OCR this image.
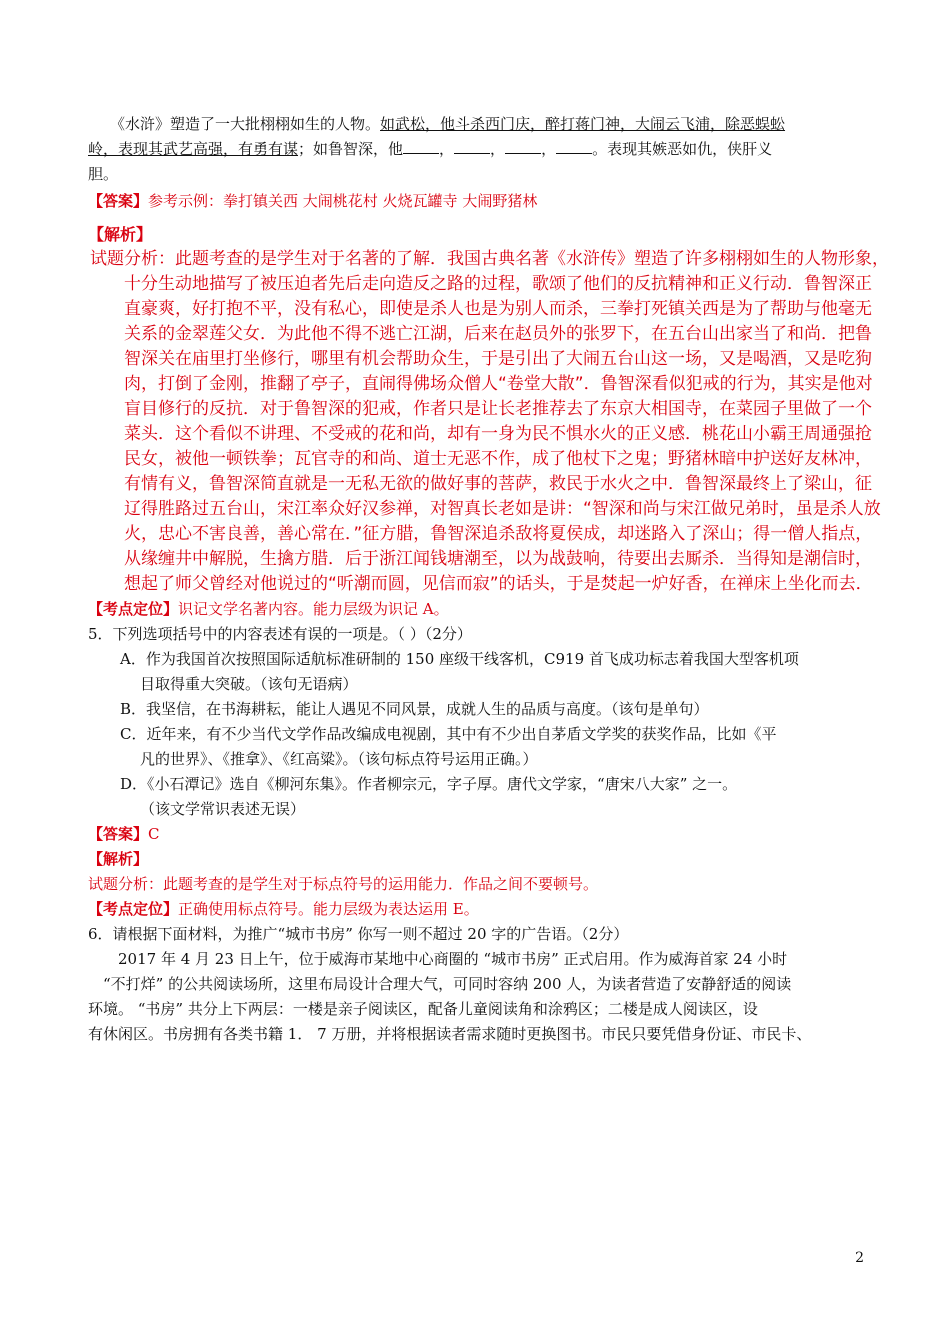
《水浒》塑造了一大批栩栩如生的人物。如武松，他斗杀西门庆，醉打蒋门神，大闹云飞浦，除恶蜈蚣

岭，表现其武艺高强，有勇有谋；如鲁智深，他 ， ， ， 。表现其嫉恶如仇，侠肝义

胆。

【答案】参考示例：拳打镇关西 大闹桃花村 火烧瓦罐寺 大闹野猪林

【解析】

试题分析：此题考查的是学生对于名著的了解．我国古典名著《水浒传》塑造了许多栩栩如生的人物形象，
十分生动地描写了被压迫者先后走向造反之路的过程，歌颂了他们的反抗精神和正义行动．鲁智深正
直豪爽，好打抱不平，没有私心，即使是杀人也是为别人而杀，三拳打死镇关西是为了帮助与他毫无
关系的金翠莲父女．为此他不得不逃亡江湖，后来在赵员外的张罗下，在五台山出家当了和尚．把鲁
智深关在庙里打坐修行，哪里有机会帮助众生，于是引出了大闹五台山这一场，又是喝酒，又是吃狗
肉，打倒了金刚，推翻了亭子，直闹得佛场众僧人“卷堂大散”．鲁智深看似犯戒的行为，其实是他对
盲目修行的反抗．对于鲁智深的犯戒，作者只是让长老推荐去了东京大相国寺，在菜园子里做了一个
菜头．这个看似不讲理、不受戒的花和尚，却有一身为民不惧水火的正义感．桃花山小霸王周通强抢
民女，被他一顿铁拳；瓦官寺的和尚、道士无恶不作，成了他杖下之鬼；野猪林暗中护送好友林冲，
有情有义，鲁智深简直就是一无私无欲的做好事的菩萨，救民于水火之中．鲁智深最终上了梁山，征
辽得胜路过五台山，宋江率众好汉参禅，对智真长老如是讲：“智深和尚与宋江做兄弟时，虽是杀人放
火，忠心不害良善，善心常在．”征方腊，鲁智深追杀敌将夏侯成，却迷路入了深山；得一僧人指点，
从缘缠井中解脱，生擒方腊．后于浙江闻钱塘潮至，以为战鼓响，待要出去厮杀．当得知是潮信时，
想起了师父曾经对他说过的“听潮而圆，见信而寂”的话头，于是焚起一炉好香，在禅床上坐化而去．

【考点定位】识记文学名著内容。能力层级为识记 A。

5．下列选项括号中的内容表述有误的一项是。（ ）（2分）

A．作为我国首次按照国际适航标准研制的 150 座级干线客机，C919 首飞成功标志着我国大型客机项

目取得重大突破。（该句无语病）

B．我坚信，在书海耕耘，能让人遇见不同风景，成就人生的品质与高度。（该句是单句）

C．近年来，有不少当代文学作品改编成电视剧，其中有不少出自茅盾文学奖的获奖作品，比如《平

凡的世界》、《推拿》、《红高粱》。（该句标点符号运用正确。）

D．《小石潭记》选自《柳河东集》。作者柳宗元，字子厚。唐代文学家，“唐宋八大家” 之一。

（该文学常识表述无误）

【答案】C

【解析】

试题分析：此题考查的是学生对于标点符号的运用能力．作品之间不要顿号。

【考点定位】正确使用标点符号。能力层级为表达运用 E。

6．请根据下面材料，为推广“城市书房” 你写一则不超过 20 字的广告语。（2分）

　　2017 年 4 月 23 日上午，位于威海市某地中心商圈的 “城市书房” 正式启用。作为威海首家 24 小时

　“不打烊” 的公共阅读场所，这里布局设计合理大气，可同时容纳 200 人，为读者营造了安静舒适的阅读

环境。 “书房” 共分上下两层：一楼是亲子阅读区，配备儿童阅读角和涂鸦区；二楼是成人阅读区，设

有休闲区。书房拥有各类书籍 1． 7 万册，并将根据读者需求随时更换图书。市民只要凭借身份证、市民卡、

2
